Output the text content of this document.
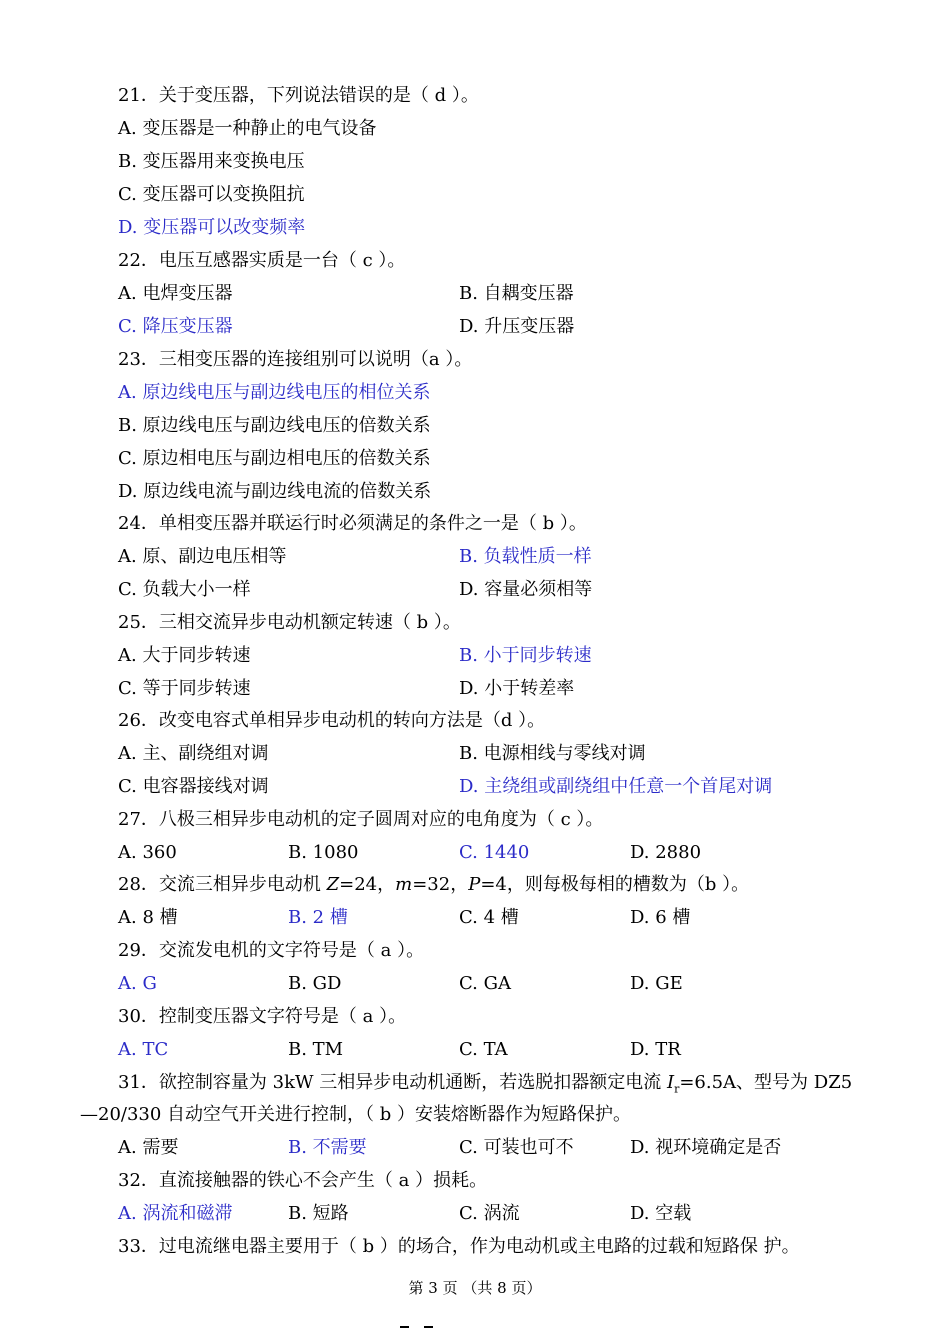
21．关于变压器，下列说法错误的是（ d ）。
A. 变压器是一种静止的电气设备
B. 变压器用来变换电压
C. 变压器可以变换阻抗
D. 变压器可以改变频率
22．电压互感器实质是一台（ c ）。
A. 电焊变压器	B. 自耦变压器
C. 降压变压器	D. 升压变压器
23．三相变压器的连接组别可以说明（a ）。
A. 原边线电压与副边线电压的相位关系
B. 原边线电压与副边线电压的倍数关系
C. 原边相电压与副边相电压的倍数关系
D. 原边线电流与副边线电流的倍数关系
24．单相变压器并联运行时必须满足的条件之一是（ b ）。
A. 原、副边电压相等	B. 负载性质一样
C. 负载大小一样	D. 容量必须相等
25．三相交流异步电动机额定转速（ b ）。
A. 大于同步转速	B. 小于同步转速
C. 等于同步转速	D. 小于转差率
26．改变电容式单相异步电动机的转向方法是（d ）。
A. 主、副绕组对调	B. 电源相线与零线对调
C. 电容器接线对调	D. 主绕组或副绕组中任意一个首尾对调
27．八极三相异步电动机的定子圆周对应的电角度为（ c ）。
A. 360	B. 1080	C. 1440	D. 2880
28．交流三相异步电动机 Z=24，m=32，P=4，则每极每相的槽数为（b ）。
A. 8 槽	B. 2 槽	C. 4 槽	D. 6 槽
29．交流发电机的文字符号是（ a ）。
A. G	B. GD	C. GA	D. GE
30．控制变压器文字符号是（ a ）。
A. TC	B. TM	C. TA	D. TR
31．欲控制容量为 3kW 三相异步电动机通断，若选脱扣器额定电流 $I_r=6.5A$、型号为 DZ5
—20/330 自动空气开关进行控制，（ b ）安装熔断器作为短路保护。
A. 需要	B. 不需要	C. 可装也可不	D. 视环境确定是否
32．直流接触器的铁心不会产生（ a ）损耗。
A. 涡流和磁滞	B. 短路	C. 涡流	D. 空载
33．过电流继电器主要用于（ b ）的场合，作为电动机或主电路的过载和短路保 护。
第 3 页 （共 8 页）
